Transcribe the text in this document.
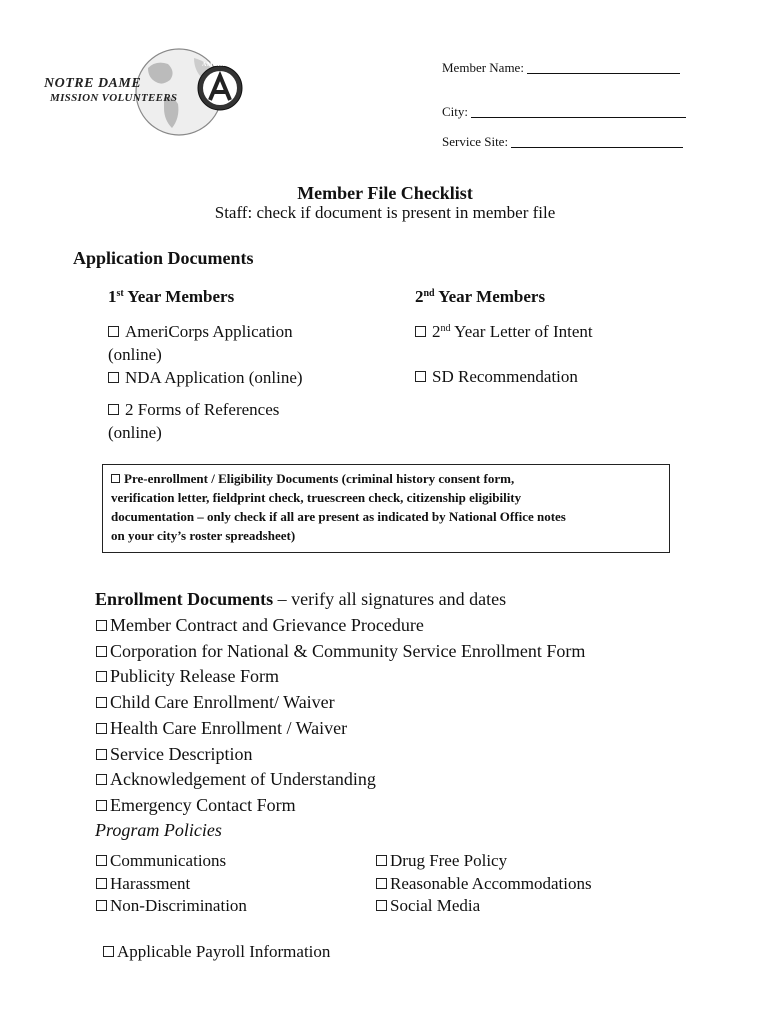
NOTRE DAME
MISSION VOLUNTEERS
AMERICORPS	Member Name:
City:
Service Site:
Member File Checklist
Staff: check if document is present in member file
Application Documents
1st Year Members	2nd Year Members
AmeriCorps Application
(online)
NDA Application (online)
2 Forms of References
(online)
2nd Year Letter of Intent
SD Recommendation
Pre-enrollment / Eligibility Documents (criminal history consent form,
verification letter, fieldprint check, truescreen check, citizenship eligibility
documentation – only check if all are present as indicated by National Office notes
on your city’s roster spreadsheet)
Enrollment Documents – verify all signatures and dates
Member Contract and Grievance Procedure
Corporation for National & Community Service Enrollment Form
Publicity Release Form
Child Care Enrollment/ Waiver
Health Care Enrollment / Waiver
Service Description
Acknowledgement of Understanding
Emergency Contact Form
Program Policies
Communications
Harassment
Non-Discrimination
Drug Free Policy
Reasonable Accommodations
Social Media
Applicable Payroll Information
